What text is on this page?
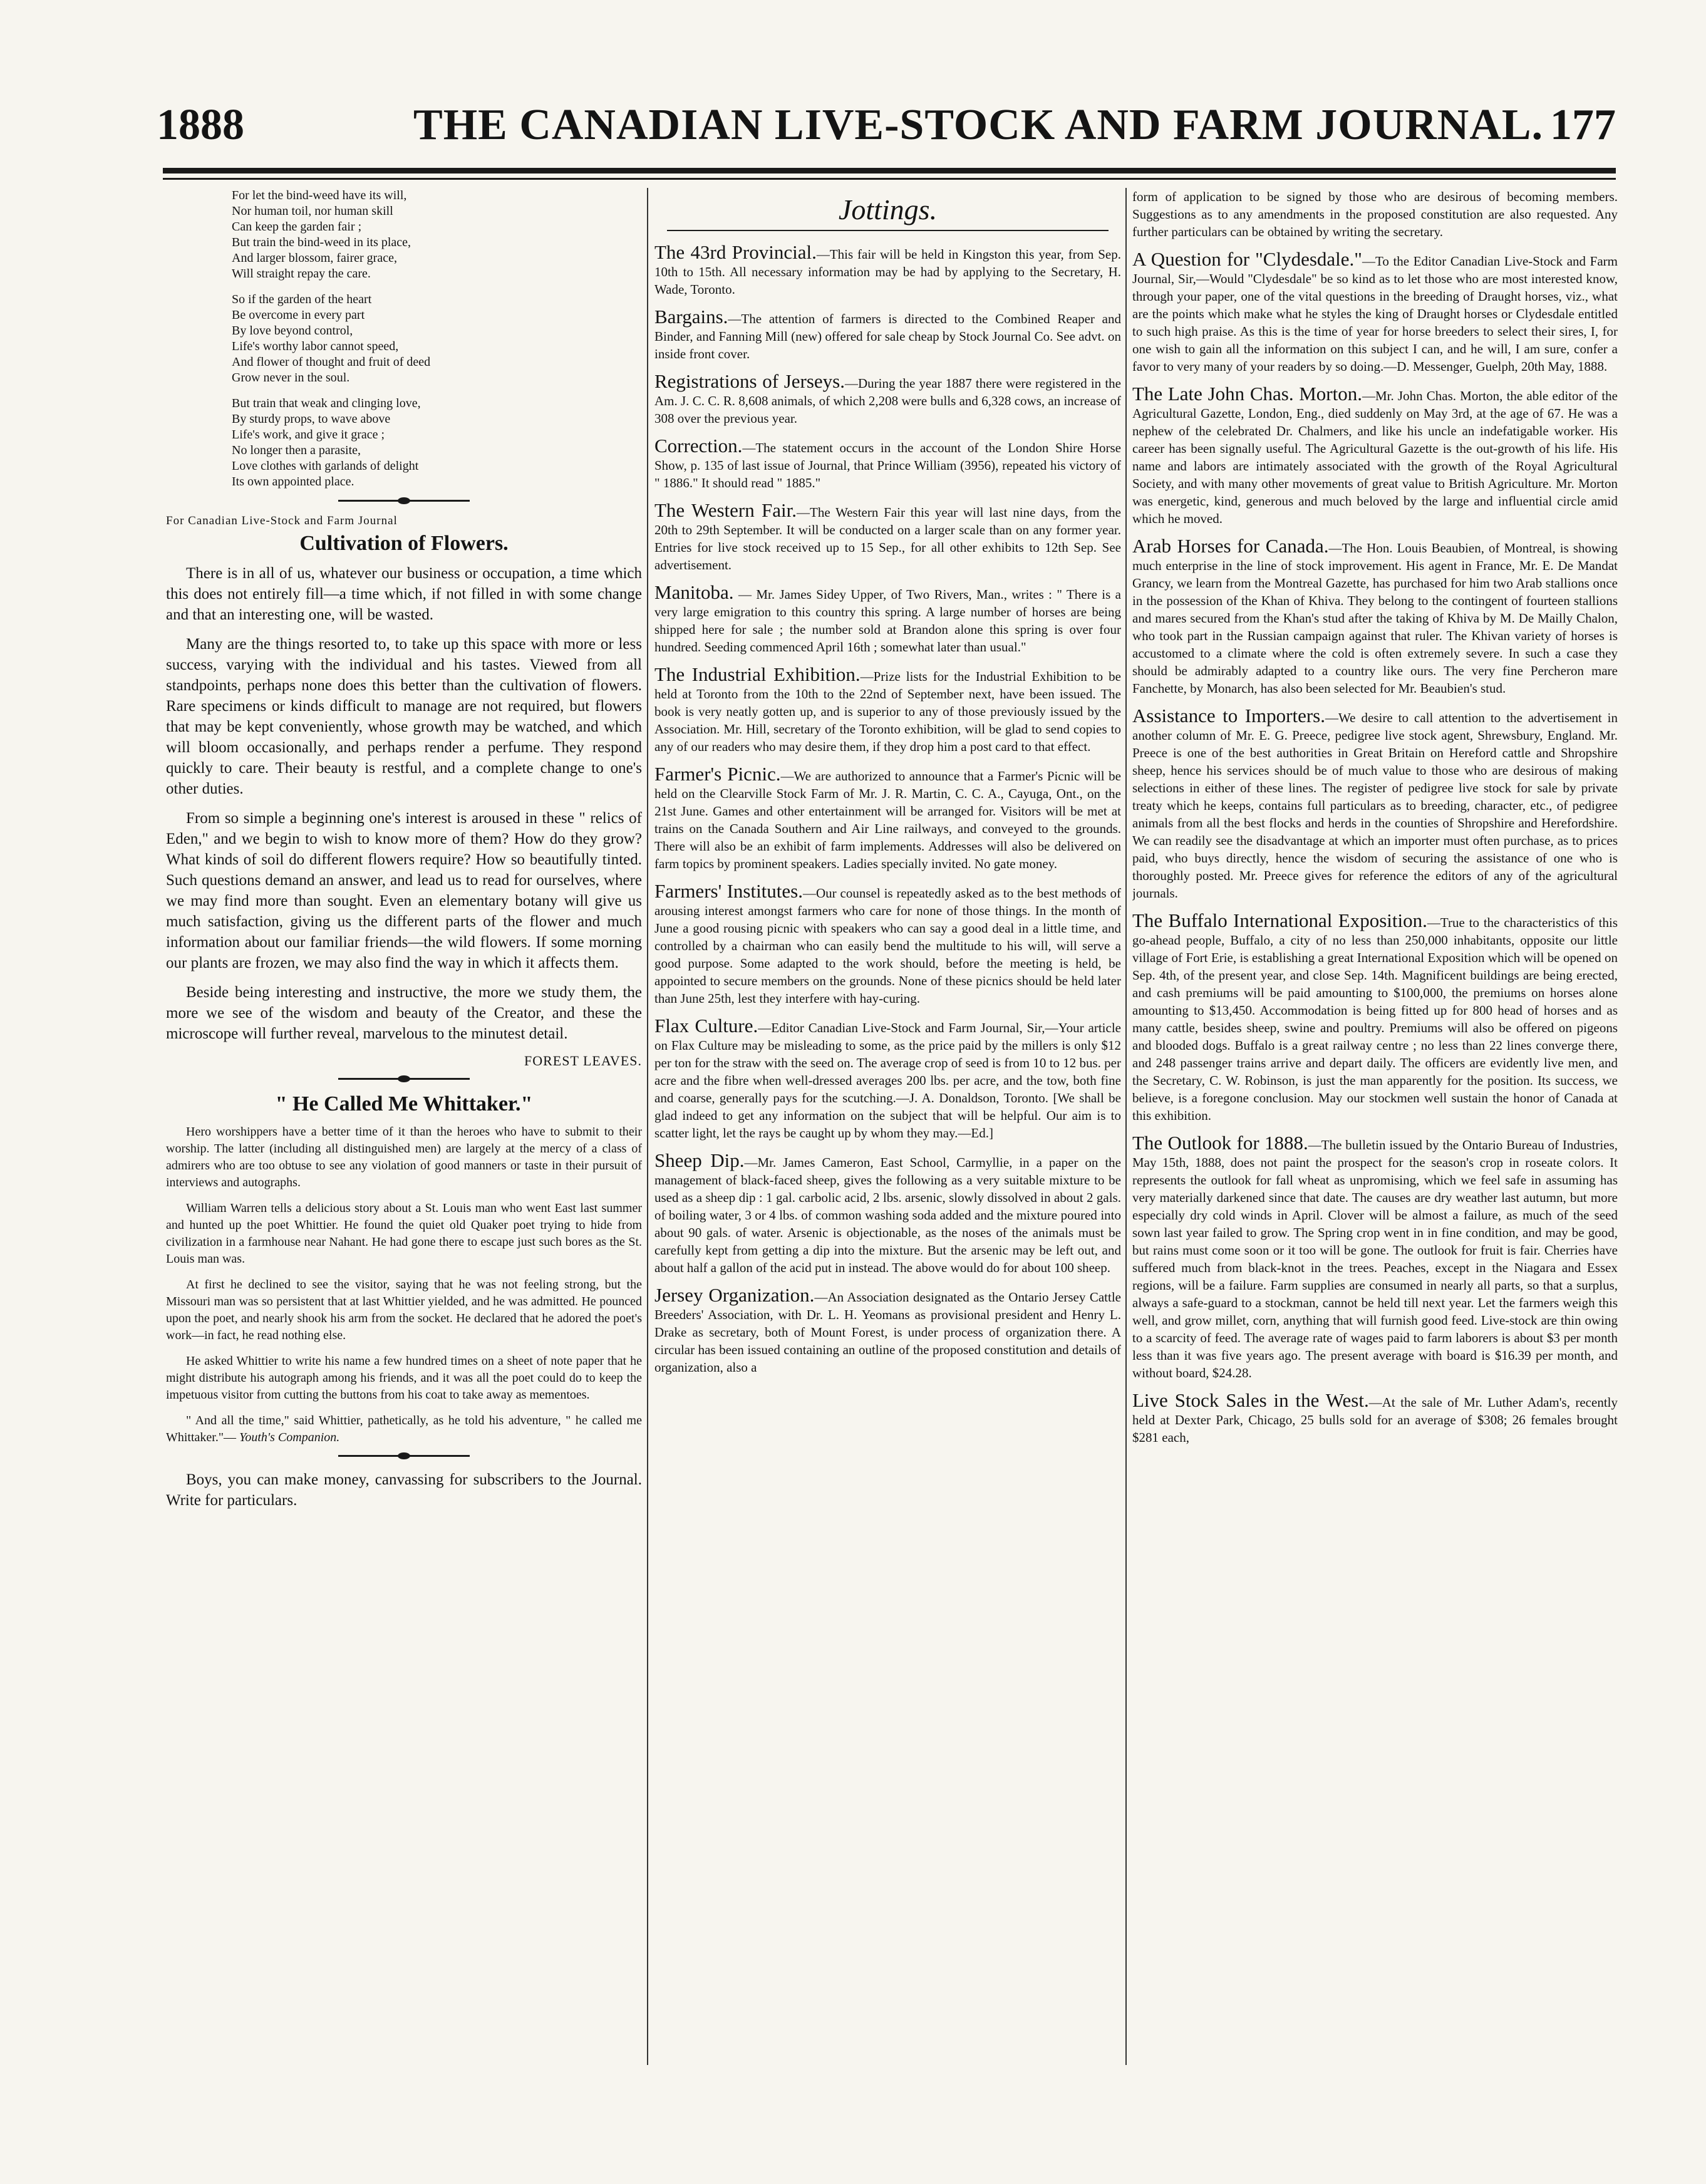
1888	THE CANADIAN LIVE-STOCK AND FARM JOURNAL. 177
For let the bind-weed have its will,
Nor human toil, nor human skill
Can keep the garden fair ;
But train the bind-weed in its place,
And larger blossom, fairer grace,
Will straight repay the care.
So if the garden of the heart
Be overcome in every part
By love beyond control,
Life's worthy labor cannot speed,
And flower of thought and fruit of deed
Grow never in the soul.
But train that weak and clinging love,
By sturdy props, to wave above
Life's work, and give it grace ;
No longer then a parasite,
Love clothes with garlands of delight
Its own appointed place.
For Canadian Live-Stock and Farm Journal
Cultivation of Flowers.

There is in all of us, whatever our business or occupation, a time which this does not entirely fill—a time which, if not filled in with some change and that an interesting one, will be wasted.

Many are the things resorted to, to take up this space with more or less success, varying with the individual and his tastes. Viewed from all standpoints, perhaps none does this better than the cultivation of flowers. Rare specimens or kinds difficult to manage are not required, but flowers that may be kept conveniently, whose growth may be watched, and which will bloom occasionally, and perhaps render a perfume. They respond quickly to care. Their beauty is restful, and a complete change to one's other duties.

From so simple a beginning one's interest is aroused in these " relics of Eden," and we begin to wish to know more of them? How do they grow? What kinds of soil do different flowers require? How so beautifully tinted. Such questions demand an answer, and lead us to read for ourselves, where we may find more than sought. Even an elementary botany will give us much satisfaction, giving us the different parts of the flower and much information about our familiar friends—the wild flowers. If some morning our plants are frozen, we may also find the way in which it affects them.

Beside being interesting and instructive, the more we study them, the more we see of the wisdom and beauty of the Creator, and these the microscope will further reveal, marvelous to the minutest detail.

FOREST LEAVES.
" He Called Me Whittaker."

Hero worshippers have a better time of it than the heroes who have to submit to their worship. The latter (including all distinguished men) are largely at the mercy of a class of admirers who are too obtuse to see any violation of good manners or taste in their pursuit of interviews and autographs.

William Warren tells a delicious story about a St. Louis man who went East last summer and hunted up the poet Whittier. He found the quiet old Quaker poet trying to hide from civilization in a farmhouse near Nahant. He had gone there to escape just such bores as the St. Louis man was.

At first he declined to see the visitor, saying that he was not feeling strong, but the Missouri man was so persistent that at last Whittier yielded, and he was admitted. He pounced upon the poet, and nearly shook his arm from the socket. He declared that he adored the poet's work—in fact, he read nothing else.

He asked Whittier to write his name a few hundred times on a sheet of note paper that he might distribute his autograph among his friends, and it was all the poet could do to keep the impetuous visitor from cutting the buttons from his coat to take away as mementoes.

" And all the time," said Whittier, pathetically, as he told his adventure, " he called me Whittaker."— Youth's Companion.

Boys, you can make money, canvassing for subscribers to the Journal. Write for particulars.

Jottings.

The 43rd Provincial.—This fair will be held in Kingston this year, from Sep. 10th to 15th. All necessary information may be had by applying to the Secretary, H. Wade, Toronto.

Bargains.—The attention of farmers is directed to the Combined Reaper and Binder, and Fanning Mill (new) offered for sale cheap by Stock Journal Co. See advt. on inside front cover.

Registrations of Jerseys.—During the year 1887 there were registered in the Am. J. C. C. R. 8,608 animals, of which 2,208 were bulls and 6,328 cows, an increase of 308 over the previous year.

Correction.—The statement occurs in the account of the London Shire Horse Show, p. 135 of last issue of Journal, that Prince William (3956), repeated his victory of " 1886." It should read " 1885."

The Western Fair.—The Western Fair this year will last nine days, from the 20th to 29th September. It will be conducted on a larger scale than on any former year. Entries for live stock received up to 15 Sep., for all other exhibits to 12th Sep. See advertisement.

Manitoba. — Mr. James Sidey Upper, of Two Rivers, Man., writes : " There is a very large emigration to this country this spring. A large number of horses are being shipped here for sale ; the number sold at Brandon alone this spring is over four hundred. Seeding commenced April 16th ; somewhat later than usual."

The Industrial Exhibition.—Prize lists for the Industrial Exhibition to be held at Toronto from the 10th to the 22nd of September next, have been issued. The book is very neatly gotten up, and is superior to any of those previously issued by the Association. Mr. Hill, secretary of the Toronto exhibition, will be glad to send copies to any of our readers who may desire them, if they drop him a post card to that effect.

Farmer's Picnic.—We are authorized to announce that a Farmer's Picnic will be held on the Clearville Stock Farm of Mr. J. R. Martin, C. C. A., Cayuga, Ont., on the 21st June. Games and other entertainment will be arranged for. Visitors will be met at trains on the Canada Southern and Air Line railways, and conveyed to the grounds. There will also be an exhibit of farm implements. Addresses will also be delivered on farm topics by prominent speakers. Ladies specially invited. No gate money.

Farmers' Institutes.—Our counsel is repeatedly asked as to the best methods of arousing interest amongst farmers who care for none of those things. In the month of June a good rousing picnic with speakers who can say a good deal in a little time, and controlled by a chairman who can easily bend the multitude to his will, will serve a good purpose. Some adapted to the work should, before the meeting is held, be appointed to secure members on the grounds. None of these picnics should be held later than June 25th, lest they interfere with hay-curing.

Flax Culture.—Editor Canadian Live-Stock and Farm Journal, Sir,—Your article on Flax Culture may be misleading to some, as the price paid by the millers is only $12 per ton for the straw with the seed on. The average crop of seed is from 10 to 12 bus. per acre and the fibre when well-dressed averages 200 lbs. per acre, and the tow, both fine and coarse, generally pays for the scutching.—J. A. Donaldson, Toronto. [We shall be glad indeed to get any information on the subject that will be helpful. Our aim is to scatter light, let the rays be caught up by whom they may.—Ed.]

Sheep Dip.—Mr. James Cameron, East School, Carmyllie, in a paper on the management of black-faced sheep, gives the following as a very suitable mixture to be used as a sheep dip : 1 gal. carbolic acid, 2 lbs. arsenic, slowly dissolved in about 2 gals. of boiling water, 3 or 4 lbs. of common washing soda added and the mixture poured into about 90 gals. of water. Arsenic is objectionable, as the noses of the animals must be carefully kept from getting a dip into the mixture. But the arsenic may be left out, and about half a gallon of the acid put in instead. The above would do for about 100 sheep.

Jersey Organization.—An Association designated as the Ontario Jersey Cattle Breeders' Association, with Dr. L. H. Yeomans as provisional president and Henry L. Drake as secretary, both of Mount Forest, is under process of organization there. A circular has been issued containing an outline of the proposed constitution and details of organization, also a

form of application to be signed by those who are desirous of becoming members. Suggestions as to any amendments in the proposed constitution are also requested. Any further particulars can be obtained by writing the secretary.

A Question for "Clydesdale."—To the Editor Canadian Live-Stock and Farm Journal, Sir,—Would "Clydesdale" be so kind as to let those who are most interested know, through your paper, one of the vital questions in the breeding of Draught horses, viz., what are the points which make what he styles the king of Draught horses or Clydesdale entitled to such high praise. As this is the time of year for horse breeders to select their sires, I, for one wish to gain all the information on this subject I can, and he will, I am sure, confer a favor to very many of your readers by so doing.—D. Messenger, Guelph, 20th May, 1888.

The Late John Chas. Morton.—Mr. John Chas. Morton, the able editor of the Agricultural Gazette, London, Eng., died suddenly on May 3rd, at the age of 67. He was a nephew of the celebrated Dr. Chalmers, and like his uncle an indefatigable worker. His career has been signally useful. The Agricultural Gazette is the out-growth of his life. His name and labors are intimately associated with the growth of the Royal Agricultural Society, and with many other movements of great value to British Agriculture. Mr. Morton was energetic, kind, generous and much beloved by the large and influential circle amid which he moved.

Arab Horses for Canada.—The Hon. Louis Beaubien, of Montreal, is showing much enterprise in the line of stock improvement. His agent in France, Mr. E. De Mandat Grancy, we learn from the Montreal Gazette, has purchased for him two Arab stallions once in the possession of the Khan of Khiva. They belong to the contingent of fourteen stallions and mares secured from the Khan's stud after the taking of Khiva by M. De Mailly Chalon, who took part in the Russian campaign against that ruler. The Khivan variety of horses is accustomed to a climate where the cold is often extremely severe. In such a case they should be admirably adapted to a country like ours. The very fine Percheron mare Fanchette, by Monarch, has also been selected for Mr. Beaubien's stud.

Assistance to Importers.—We desire to call attention to the advertisement in another column of Mr. E. G. Preece, pedigree live stock agent, Shrewsbury, England. Mr. Preece is one of the best authorities in Great Britain on Hereford cattle and Shropshire sheep, hence his services should be of much value to those who are desirous of making selections in either of these lines. The register of pedigree live stock for sale by private treaty which he keeps, contains full particulars as to breeding, character, etc., of pedigree animals from all the best flocks and herds in the counties of Shropshire and Herefordshire. We can readily see the disadvantage at which an importer must often purchase, as to prices paid, who buys directly, hence the wisdom of securing the assistance of one who is thoroughly posted. Mr. Preece gives for reference the editors of any of the agricultural journals.

The Buffalo International Exposition.—True to the characteristics of this go-ahead people, Buffalo, a city of no less than 250,000 inhabitants, opposite our little village of Fort Erie, is establishing a great International Exposition which will be opened on Sep. 4th, of the present year, and close Sep. 14th. Magnificent buildings are being erected, and cash premiums will be paid amounting to $100,000, the premiums on horses alone amounting to $13,450. Accommodation is being fitted up for 800 head of horses and as many cattle, besides sheep, swine and poultry. Premiums will also be offered on pigeons and blooded dogs. Buffalo is a great railway centre ; no less than 22 lines converge there, and 248 passenger trains arrive and depart daily. The officers are evidently live men, and the Secretary, C. W. Robinson, is just the man apparently for the position. Its success, we believe, is a foregone conclusion. May our stockmen well sustain the honor of Canada at this exhibition.

The Outlook for 1888.—The bulletin issued by the Ontario Bureau of Industries, May 15th, 1888, does not paint the prospect for the season's crop in roseate colors. It represents the outlook for fall wheat as unpromising, which we feel safe in assuming has very materially darkened since that date. The causes are dry weather last autumn, but more especially dry cold winds in April. Clover will be almost a failure, as much of the seed sown last year failed to grow. The Spring crop went in in fine condition, and may be good, but rains must come soon or it too will be gone. The outlook for fruit is fair. Cherries have suffered much from black-knot in the trees. Peaches, except in the Niagara and Essex regions, will be a failure. Farm supplies are consumed in nearly all parts, so that a surplus, always a safe-guard to a stockman, cannot be held till next year. Let the farmers weigh this well, and grow millet, corn, anything that will furnish good feed. Live-stock are thin owing to a scarcity of feed. The average rate of wages paid to farm laborers is about $3 per month less than it was five years ago. The present average with board is $16.39 per month, and without board, $24.28.

Live Stock Sales in the West.—At the sale of Mr. Luther Adam's, recently held at Dexter Park, Chicago, 25 bulls sold for an average of $308; 26 females brought $281 each,
